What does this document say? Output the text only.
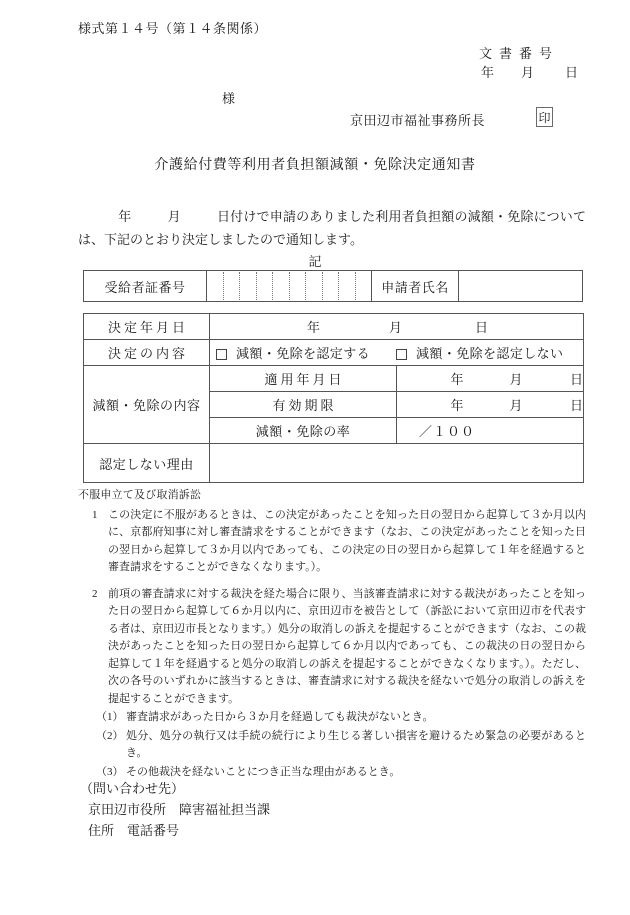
様式第１４号（第１４条関係）
文書番号
年 月 日
様
京田辺市福祉事務所長	印
介護給付費等利用者負担額減額・免除決定通知書
年	月	日付けで申請のありました利用者負担額の減額・免除については、下記のとおり決定しましたので通知します。
記
受給者証番号		申請者氏名	
決定年月日	年 月 日	

決定の内容	減額・免除を認定する 減額・免除を認定しない	

減額・免除の内容	適用年月日	年 月 日

	有効期限	年 月 日

	減額・免除の率	／１００

認定しない理由		
不服申立て及び取消訴訟
1 この決定に不服があるときは、この決定があったことを知った日の翌日から起算して３か月以内に、京都府知事に対し審査請求をすることができます（なお、この決定があったことを知った日の翌日から起算して３か月以内であっても、この決定の日の翌日から起算して１年を経過すると審査請求をすることができなくなります。）。
2 前項の審査請求に対する裁決を経た場合に限り、当該審査請求に対する裁決があったことを知った日の翌日から起算して６か月以内に、京田辺市を被告として（訴訟において京田辺市を代表する者は、京田辺市長となります。）処分の取消しの訴えを提起することができます（なお、この裁決があったことを知った日の翌日から起算して６か月以内であっても、この裁決の日の翌日から起算して１年を経過すると処分の取消しの訴えを提起することができなくなります。）。ただし、次の各号のいずれかに該当するときは、審査請求に対する裁決を経ないで処分の取消しの訴えを提起することができます。
（1） 審査請求があった日から３か月を経過しても裁決がないとき。
（2） 処分、処分の執行又は手続の続行により生じる著しい損害を避けるため緊急の必要があるとき。
（3） その他裁決を経ないことにつき正当な理由があるとき。
（問い合わせ先）
京田辺市役所　障害福祉担当課
住所　電話番号
